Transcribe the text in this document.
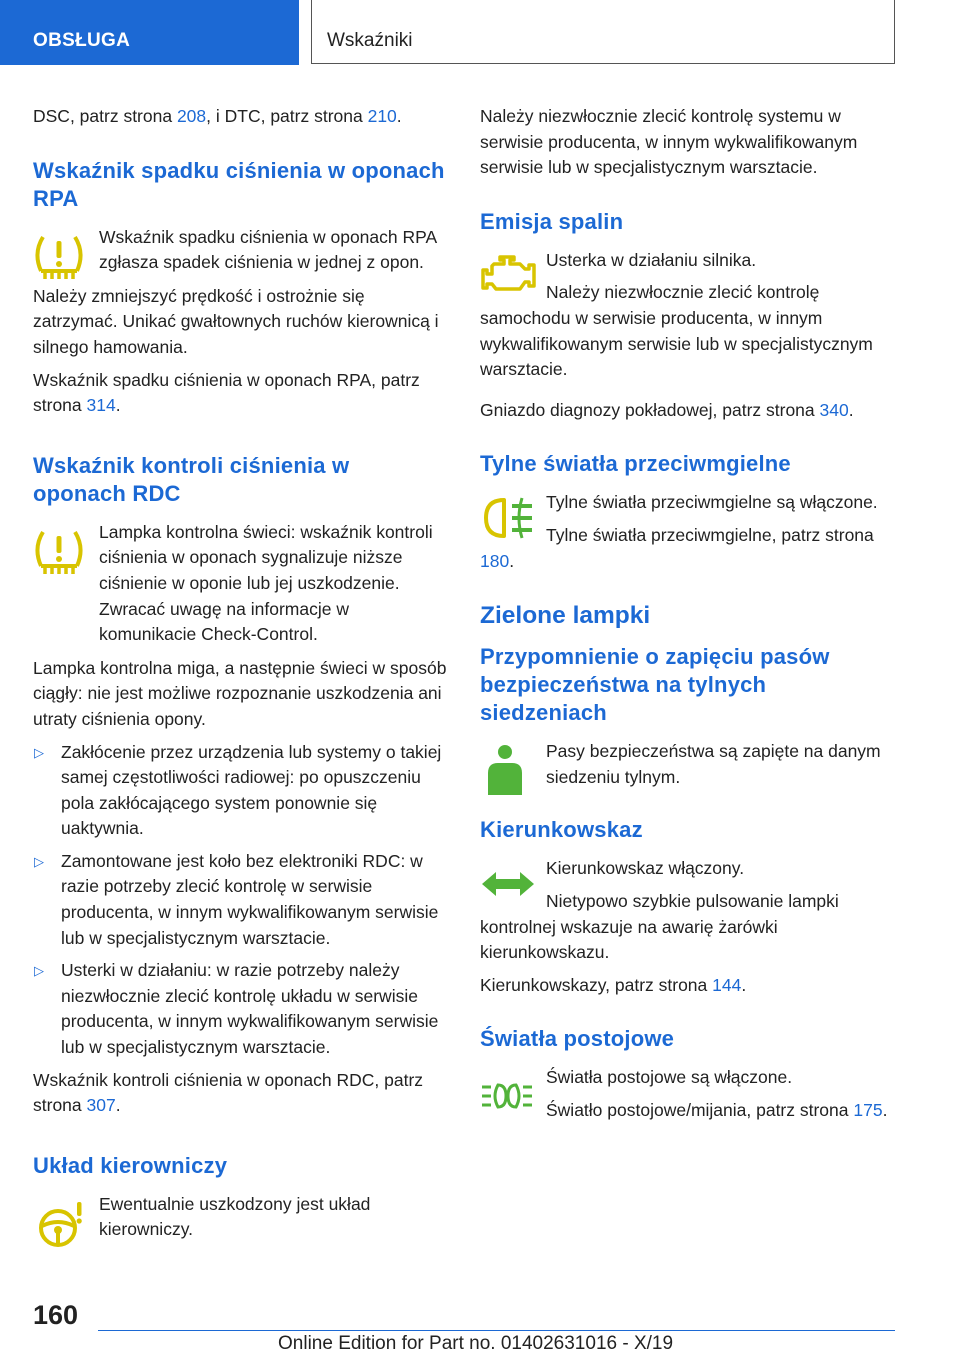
OBSŁUGA	Wskaźniki

DSC, patrz strona 208, i DTC, patrz strona 210.

Wskaźnik spadku ciśnienia w oponach RPA
Wskaźnik spadku ciśnienia w oponach RPA zgłasza spadek ciśnienia w jednej z opon.

Należy zmniejszyć prędkość i ostrożnie się zatrzymać. Unikać gwałtownych ruchów kierownicą i silnego hamowania.

Wskaźnik spadku ciśnienia w oponach RPA, patrz strona 314.

Wskaźnik kontroli ciśnienia w oponach RDC
Lampka kontrolna świeci: wskaźnik kontroli ciśnienia w oponach sygnalizuje niższe ciśnienie w oponie lub jej uszkodzenie. Zwracać uwagę na informacje w komunikacie Check-Control.

Lampka kontrolna miga, a następnie świeci w sposób ciągły: nie jest możliwe rozpoznanie uszkodzenia ani utraty ciśnienia opony.

▷ Zakłócenie przez urządzenia lub systemy o takiej samej częstotliwości radiowej: po opuszczeniu pola zakłócającego system ponownie się uaktywnia.
▷ Zamontowane jest koło bez elektroniki RDC: w razie potrzeby zlecić kontrolę w serwisie producenta, w innym wykwalifikowanym serwisie lub w specjalistycznym warsztacie.
▷ Usterki w działaniu: w razie potrzeby należy niezwłocznie zlecić kontrolę układu w serwisie producenta, w innym wykwalifikowanym serwisie lub w specjalistycznym warsztacie.

Wskaźnik kontroli ciśnienia w oponach RDC, patrz strona 307.

Układ kierowniczy
Ewentualnie uszkodzony jest układ kierowniczy.

Należy niezwłocznie zlecić kontrolę systemu w serwisie producenta, w innym wykwalifikowanym serwisie lub w specjalistycznym warsztacie.

Emisja spalin

Usterka w działaniu silnika.

Należy niezwłocznie zlecić kontrolę samochodu w serwisie producenta, w innym wykwalifikowanym serwisie lub w specjalistycznym warsztacie.

Gniazdo diagnozy pokładowej, patrz strona 340.

Tylne światła przeciwmgielne

Tylne światła przeciwmgielne są włączone.

Tylne światła przeciwmgielne, patrz strona 180.

Zielone lampki
Przypomnienie o zapięciu pasów bezpieczeństwa na tylnych siedzeniach
Pasy bezpieczeństwa są zapięte na danym siedzeniu tylnym.
Kierunkowskaz

Kierunkowskaz włączony.

Nietypowo szybkie pulsowanie lampki kontrolnej wskazuje na awarię żarówki kierunkowskazu.

Kierunkowskazy, patrz strona 144.

Światła postojowe

Światła postojowe są włączone.

Światło postojowe/mijania, patrz strona 175.

160
Online Edition for Part no. 01402631016 - X/19
